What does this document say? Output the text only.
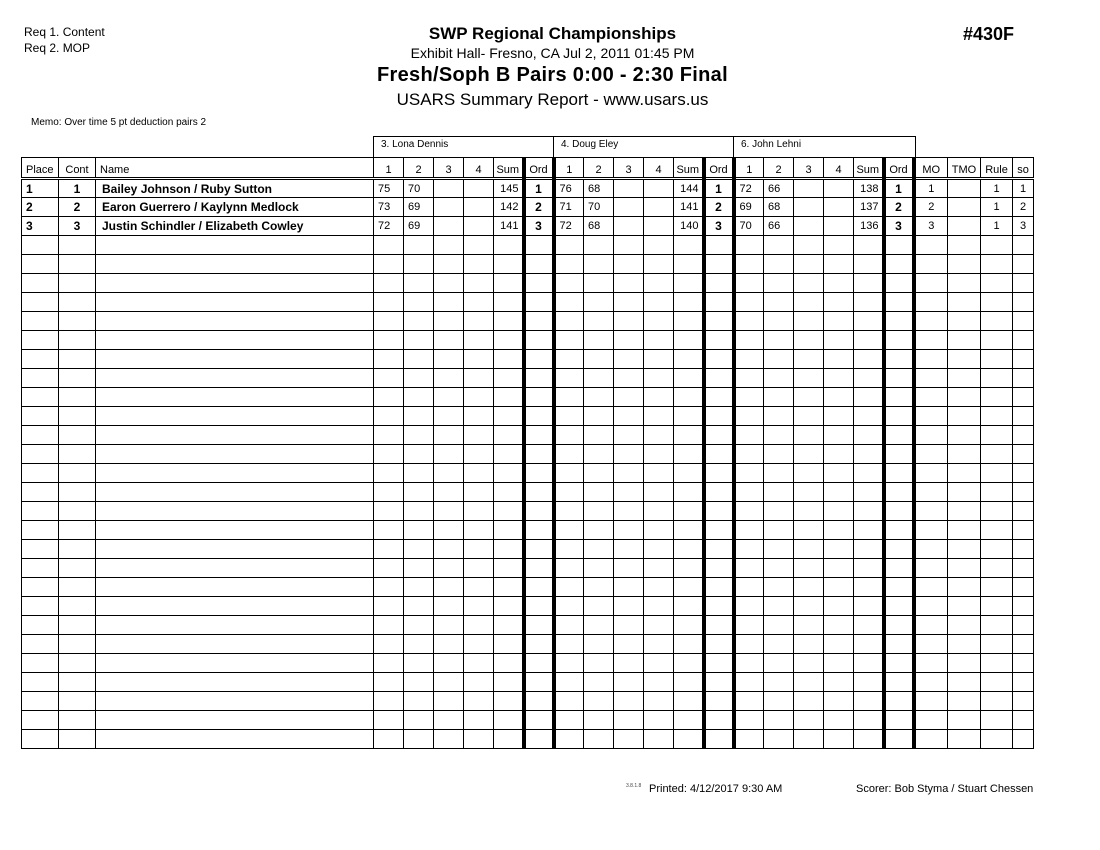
Req 1. Content
Req 2. MOP
SWP Regional Championships
Exhibit Hall- Fresno, CA Jul 2, 2011 01:45 PM
Fresh/Soph B Pairs 0:00 - 2:30 Final
USARS Summary Report - www.usars.us
#430F
Memo: Over time 5 pt deduction pairs 2
3. Lona Dennis	4. Doug Eley	6. John Lehni
Place	Cont	Name	1	2	3	4	Sum	Ord	1	2	3	4	Sum	Ord	1	2	3	4	Sum	Ord	MO	TMO	Rule	so
1	1	Bailey Johnson / Ruby Sutton	75	70			145	1	76	68			144	1	72	66			138	1	1		1	1
2	2	Earon Guerrero / Kaylynn Medlock	73	69			142	2	71	70			141	2	69	68			137	2	2		1	2
3	3	Justin Schindler / Elizabeth Cowley	72	69			141	3	72	68			140	3	70	66			136	3	3		1	3

3.8.1.8 Printed: 4/12/2017 9:30 AM	Scorer: Bob Styma / Stuart Chessen
